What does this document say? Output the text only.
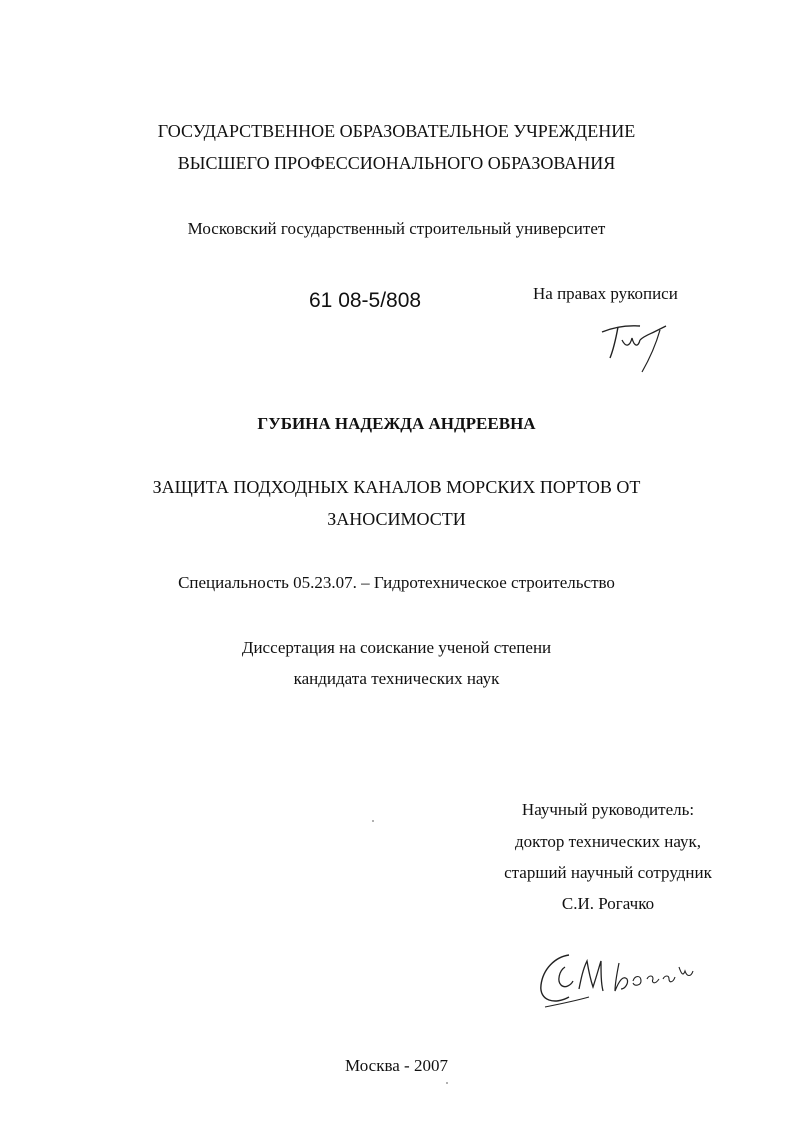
ГОСУДАРСТВЕННОЕ ОБРАЗОВАТЕЛЬНОЕ УЧРЕЖДЕНИЕ
ВЫСШЕГО ПРОФЕССИОНАЛЬНОГО ОБРАЗОВАНИЯ
Московский государственный строительный университет
61 08-5/808	На правах рукописи
ГУБИНА НАДЕЖДА АНДРЕЕВНА
ЗАЩИТА ПОДХОДНЫХ КАНАЛОВ МОРСКИХ ПОРТОВ ОТ
ЗАНОСИМОСТИ
Специальность 05.23.07. – Гидротехническое строительство
Диссертация на соискание ученой степени
кандидата технических наук
Научный руководитель:
доктор технических наук,
старший научный сотрудник
С.И. Рогачко
Москва - 2007
